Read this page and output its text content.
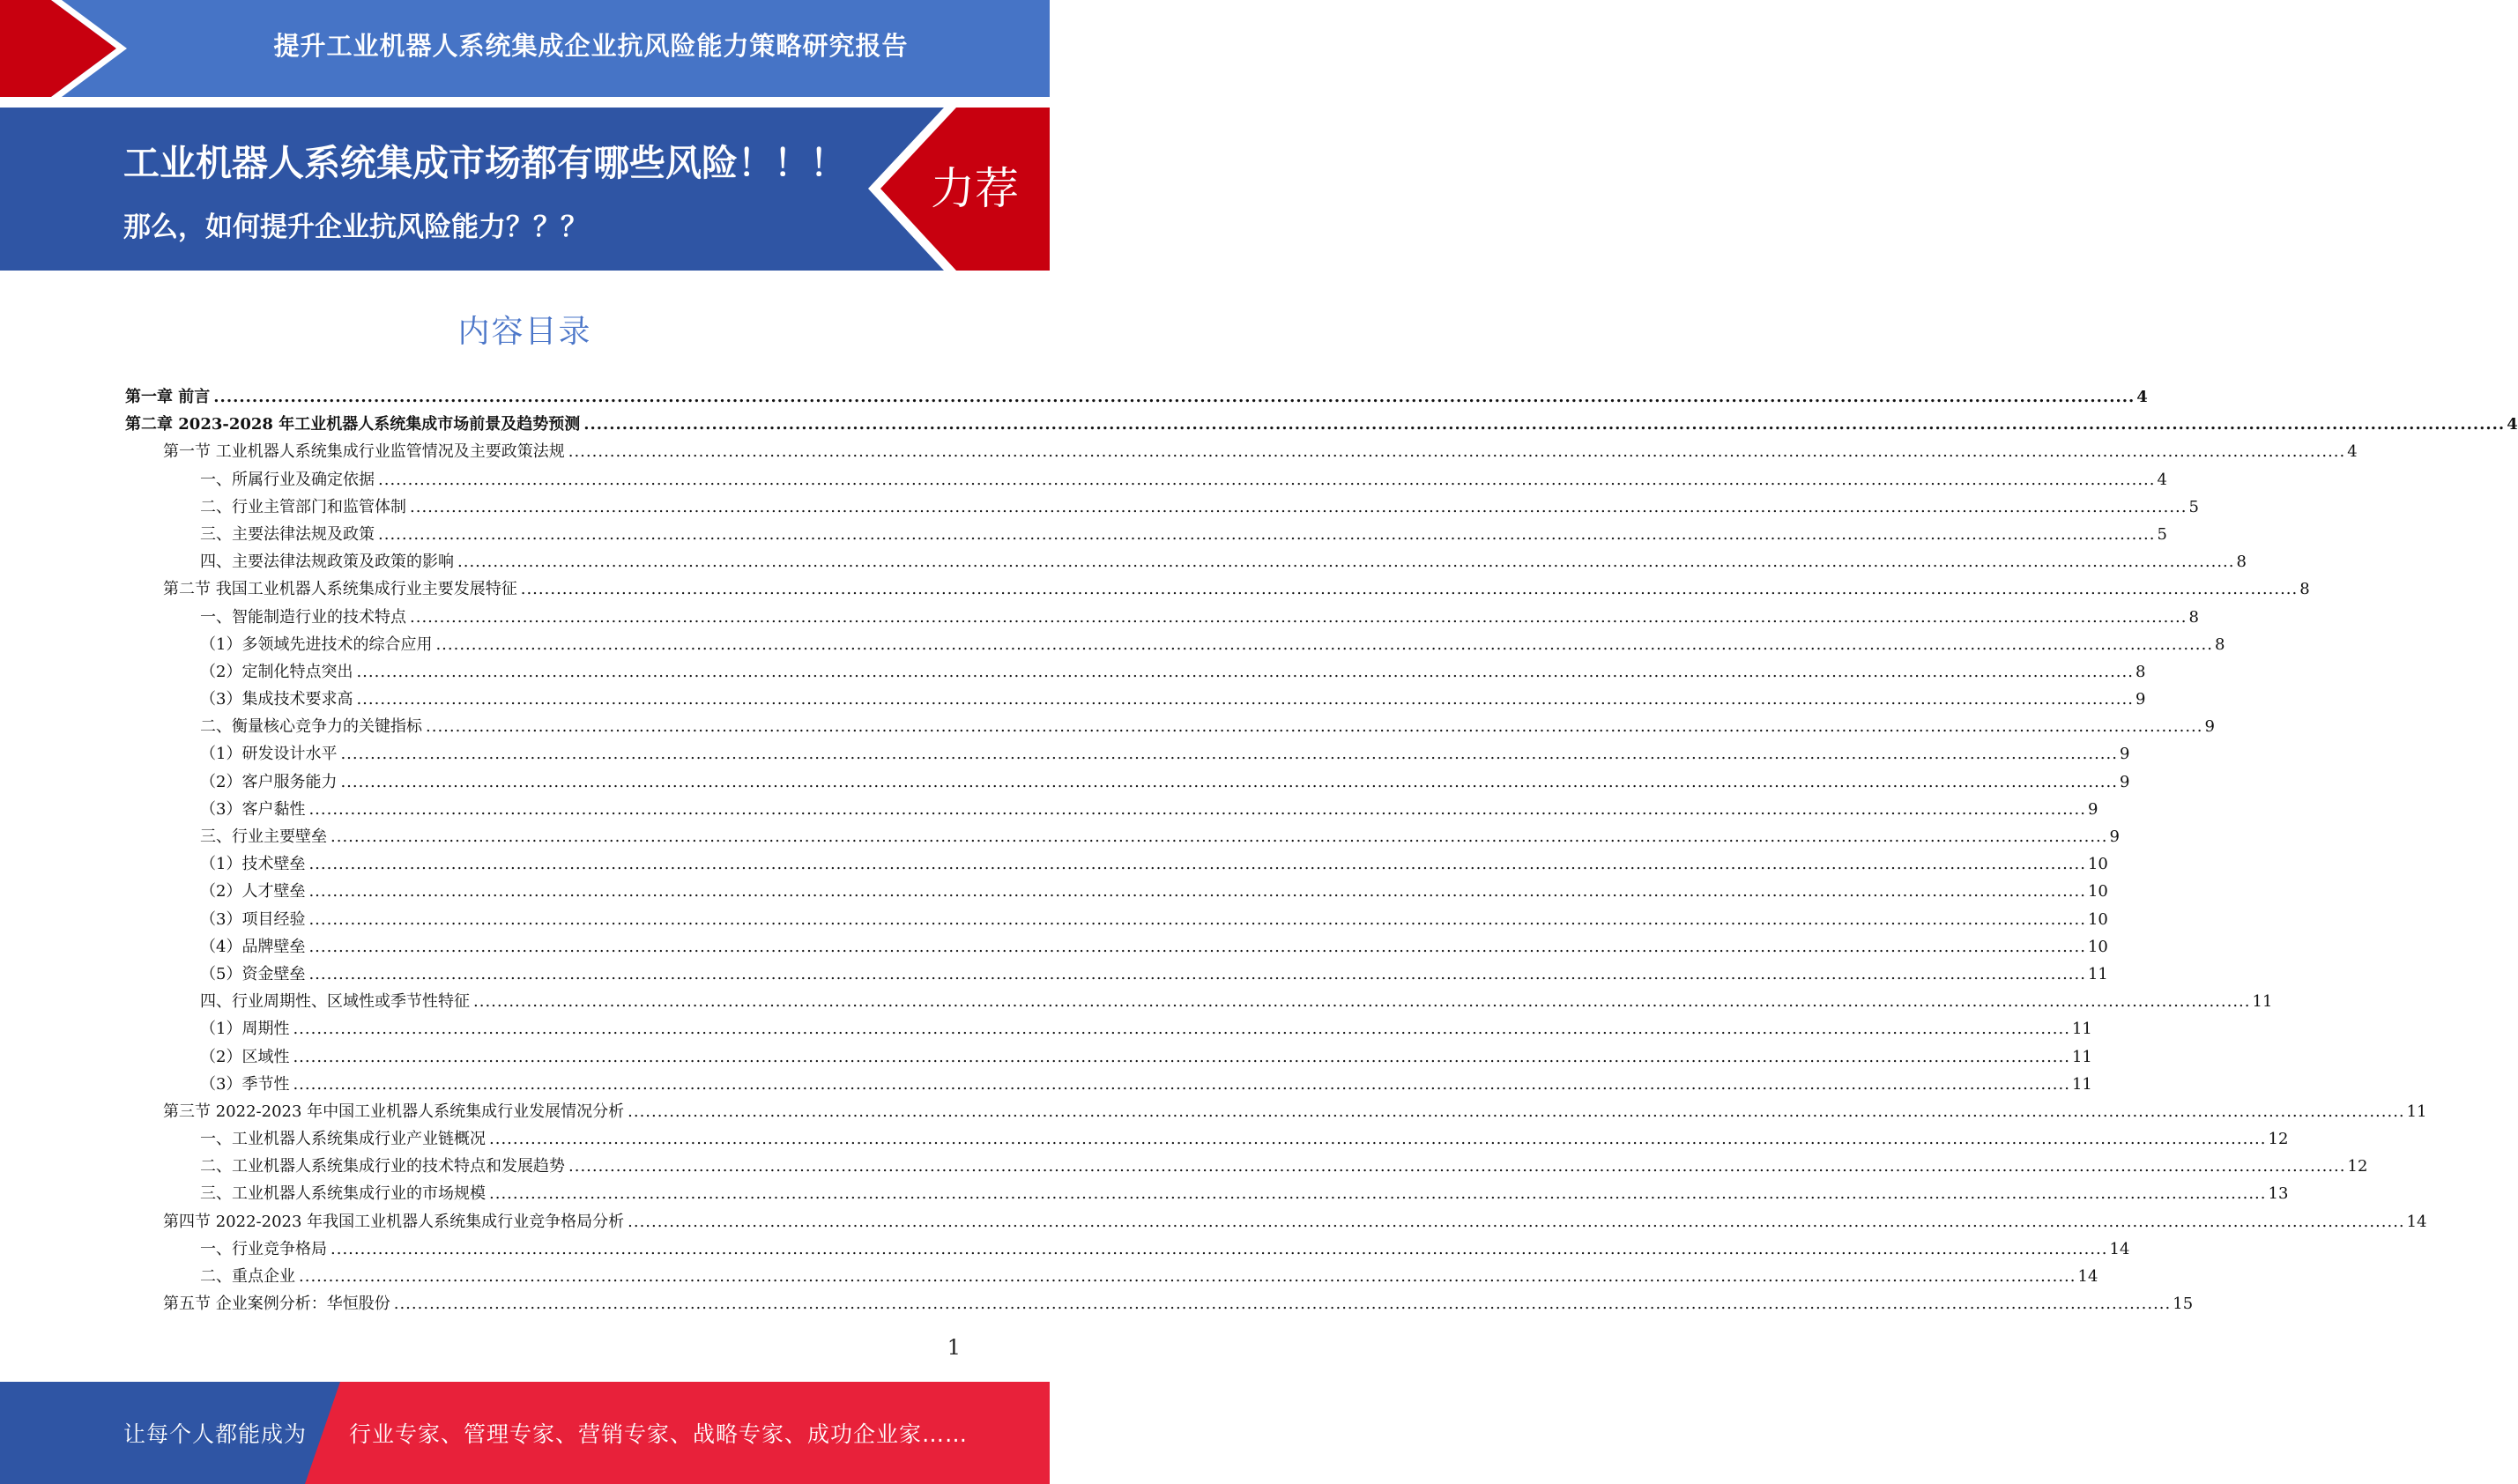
提升工业机器人系统集成企业抗风险能力策略研究报告
工业机器人系统集成市场都有哪些风险！！！
那么，如何提升企业抗风险能力？？？
力荐
内容目录
第一章 前言 ............................................................................................................................................................................................................................................................................................................ 4
第二章 2023-2028 年工业机器人系统集成市场前景及趋势预测 ............................................................................................................................................................................................................................................................................................................ 4
第一节 工业机器人系统集成行业监管情况及主要政策法规 ............................................................................................................................................................................................................................................................................................................ 4
一、所属行业及确定依据 ............................................................................................................................................................................................................................................................................................................ 4
二、行业主管部门和监管体制 ............................................................................................................................................................................................................................................................................................................ 5
三、主要法律法规及政策 ............................................................................................................................................................................................................................................................................................................ 5
四、主要法律法规政策及政策的影响 ............................................................................................................................................................................................................................................................................................................ 8
第二节 我国工业机器人系统集成行业主要发展特征 ............................................................................................................................................................................................................................................................................................................ 8
一、智能制造行业的技术特点 ............................................................................................................................................................................................................................................................................................................ 8
（1）多领域先进技术的综合应用 ............................................................................................................................................................................................................................................................................................................ 8
（2）定制化特点突出 ............................................................................................................................................................................................................................................................................................................ 8
（3）集成技术要求高 ............................................................................................................................................................................................................................................................................................................ 9
二、衡量核心竞争力的关键指标 ............................................................................................................................................................................................................................................................................................................ 9
（1）研发设计水平 ............................................................................................................................................................................................................................................................................................................ 9
（2）客户服务能力 ............................................................................................................................................................................................................................................................................................................ 9
（3）客户黏性 ............................................................................................................................................................................................................................................................................................................ 9
三、行业主要壁垒 ............................................................................................................................................................................................................................................................................................................ 9
（1）技术壁垒 ............................................................................................................................................................................................................................................................................................................ 10
（2）人才壁垒 ............................................................................................................................................................................................................................................................................................................ 10
（3）项目经验 ............................................................................................................................................................................................................................................................................................................ 10
（4）品牌壁垒 ............................................................................................................................................................................................................................................................................................................ 10
（5）资金壁垒 ............................................................................................................................................................................................................................................................................................................ 11
四、行业周期性、区域性或季节性特征 ............................................................................................................................................................................................................................................................................................................ 11
（1）周期性 ............................................................................................................................................................................................................................................................................................................ 11
（2）区域性 ............................................................................................................................................................................................................................................................................................................ 11
（3）季节性 ............................................................................................................................................................................................................................................................................................................ 11
第三节 2022-2023 年中国工业机器人系统集成行业发展情况分析 ............................................................................................................................................................................................................................................................................................................ 11
一、工业机器人系统集成行业产业链概况 ............................................................................................................................................................................................................................................................................................................ 12
二、工业机器人系统集成行业的技术特点和发展趋势 ............................................................................................................................................................................................................................................................................................................ 12
三、工业机器人系统集成行业的市场规模 ............................................................................................................................................................................................................................................................................................................ 13
第四节 2022-2023 年我国工业机器人系统集成行业竞争格局分析 ............................................................................................................................................................................................................................................................................................................ 14
一、行业竞争格局 ............................................................................................................................................................................................................................................................................................................ 14
二、重点企业 ............................................................................................................................................................................................................................................................................................................ 14
第五节 企业案例分析：华恒股份 ............................................................................................................................................................................................................................................................................................................ 15
1
让每个人都能成为 行业专家、管理专家、营销专家、战略专家、成功企业家……
